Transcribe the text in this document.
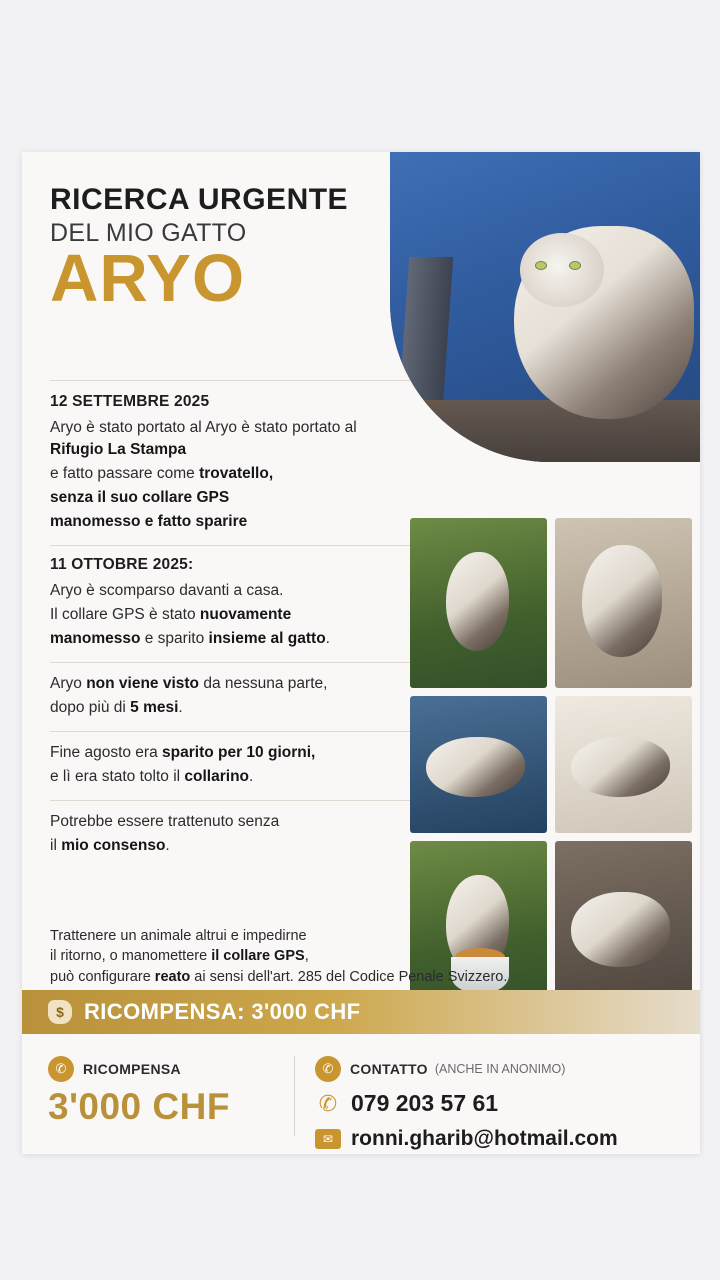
RICERCA URGENTE
DEL MIO GATTO
ARYO
12 SETTEMBRE 2025

Aryo è stato portato al Aryo è stato portato al Rifugio La Stampa

e fatto passare come trovatello,

senza il suo collare GPS

manomesso e fatto sparire

11 OTTOBRE 2025:

Aryo è scomparso davanti a casa.

Il collare GPS è stato nuovamente

manomesso e sparito insieme al gatto.

Aryo non viene visto da nessuna parte,

dopo più di 5 mesi.

Fine agosto era sparito per 10 giorni,

e lì era stato tolto il collarino.

Potrebbe essere trattenuto senza

il mio consenso.

Trattenere un animale altrui e impedirne
il ritorno, o manomettere il collare GPS,
può configurare reato ai sensi dell'art. 285 del Codice Penale Svizzero.
$ RICOMPENSA: 3'000 CHF
✆	RICOMPENSA
3'000 CHF
✆	CONTATTO (ANCHE IN ANONIMO)
✆ 079 203 57 61
✉ ronni.gharib@hotmail.com
